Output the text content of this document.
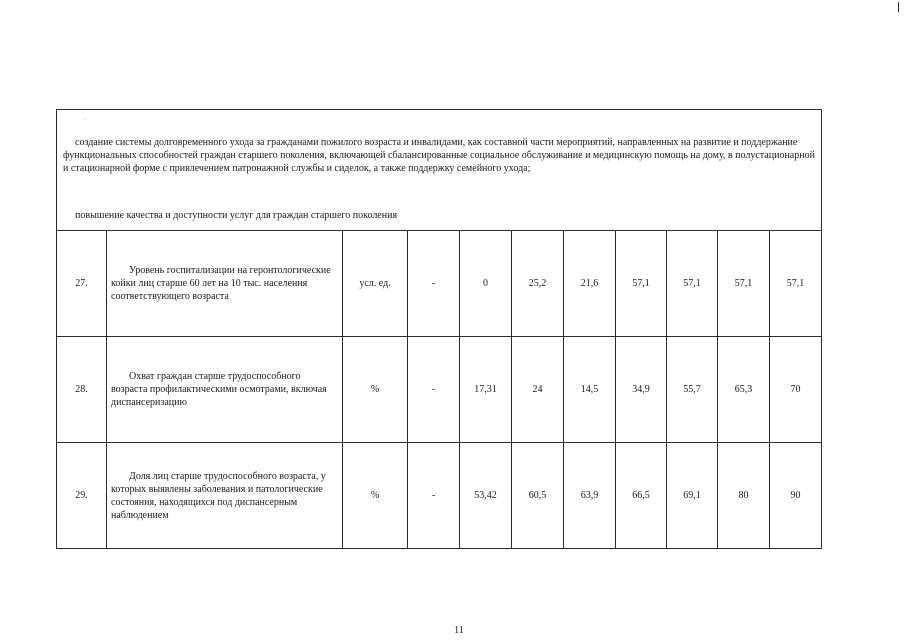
·
создание системы долговременного ухода за гражданами пожилого возраста и инвалидами, как составной части мероприятий, направленных на развитие и поддержание функциональных способностей граждан старшего поколения, включающей сбалансированные социальное обслуживание и медицинскую помощь на дому, в полустационарной и стационарной форме с привлечением патронажной службы и сиделок, а также поддержку семейного ухода;
повышение качества и доступности услуг для граждан старшего поколения										

27.	Уровень госпитализации на геронтологические койки лиц старше 60 лет на 10 тыс. населения соответствующего возраста	усл. ед.	-	0	25,2	21,6	57,1	57,1	57,1	57,1
28.	Охват граждан старше трудоспособного возраста профилактическими осмотрами, включая диспансеризацию	%	-	17,31	24	14,5	34,9	55,7	65,3	70
29.	Доля лиц старше трудоспособного возраста, у которых выявлены заболевания и патологические состояния, находящихся под диспансерным наблюдением	%	-	53,42	60,5	63,9	66,5	69,1	80	90
11
